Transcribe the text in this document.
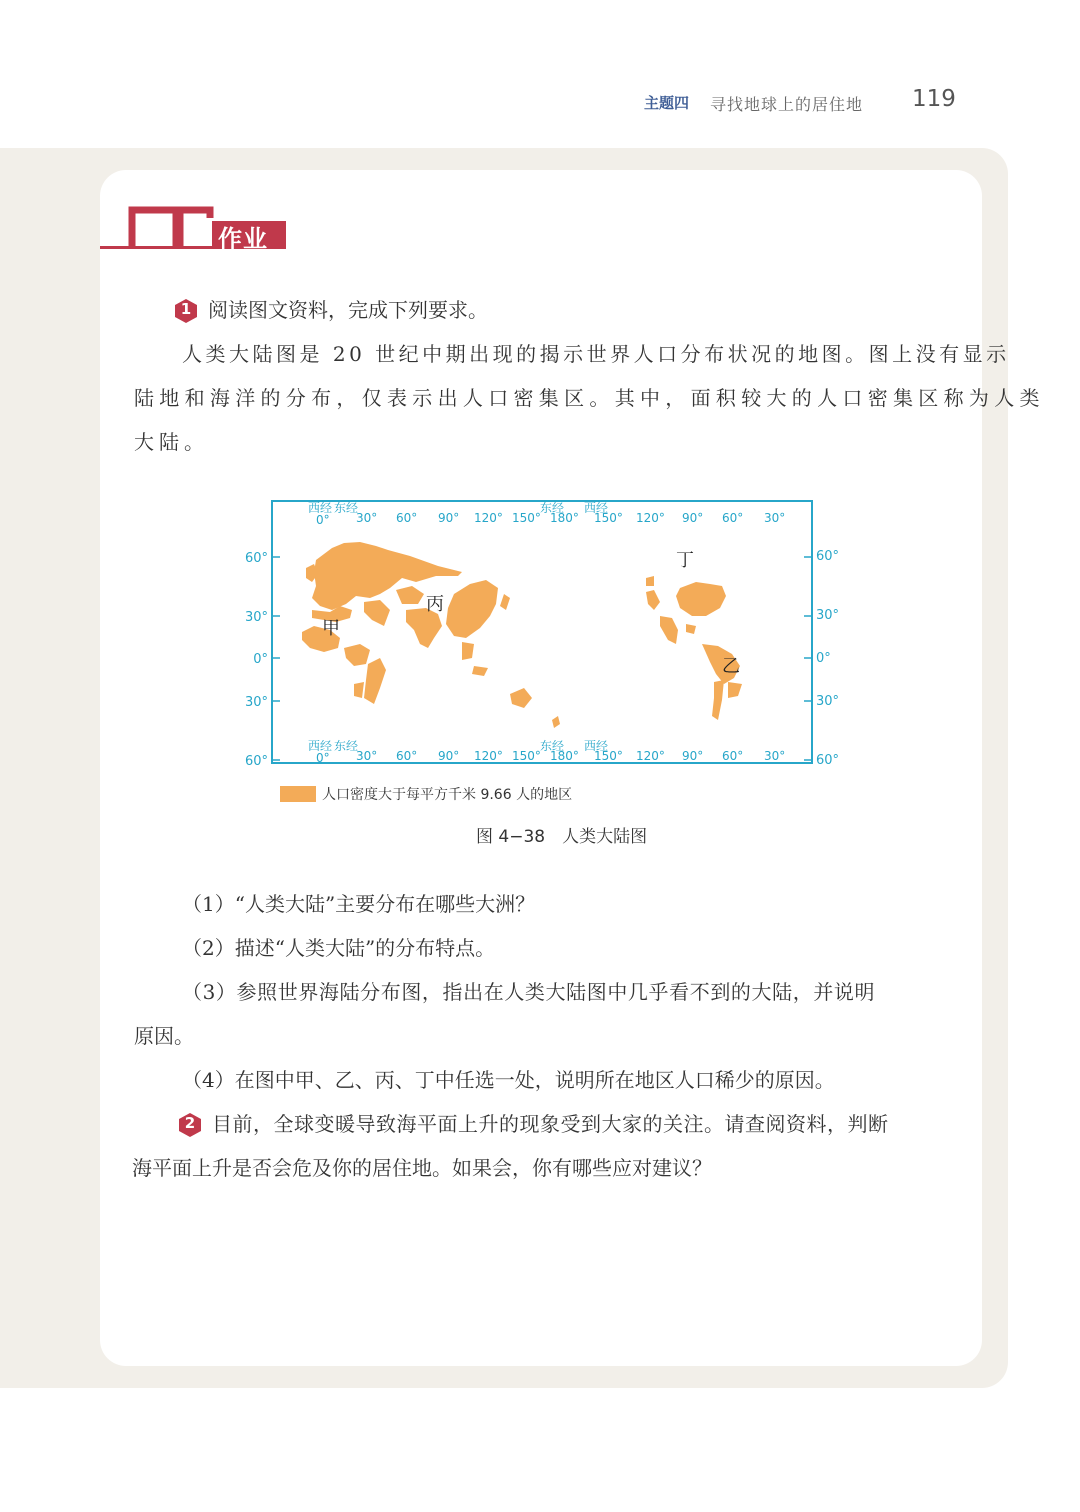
主题四 寻找地球上的居住地 119
作业
1 阅读图文资料，完成下列要求。
人类大陆图是 20 世纪中期出现的揭示世界人口分布状况的地图。图上没有显示
陆地和海洋的分布，仅表示出人口密集区。其中，面积较大的人口密集区称为人类
大陆。
甲
乙
丙
丁
西经
0°
东经
30° 60° 90° 120° 150°
东经
180°
西经
150° 120° 90° 60° 30°
西经
0°
东经
30° 60° 90° 120° 150°
东经
180°
西经
150° 120° 90° 60° 30°
60°
30°
0°
30°
60°
60°
30°
0°
30°
60°
人口密度大于每平方千米 9.66 人的地区
图 4−38　人类大陆图
（1）“人类大陆”主要分布在哪些大洲？
（2）描述“人类大陆”的分布特点。
（3）参照世界海陆分布图，指出在人类大陆图中几乎看不到的大陆，并说明
原因。
（4）在图中甲、乙、丙、丁中任选一处，说明所在地区人口稀少的原因。
2 目前，全球变暖导致海平面上升的现象受到大家的关注。请查阅资料，判断
海平面上升是否会危及你的居住地。如果会，你有哪些应对建议？
